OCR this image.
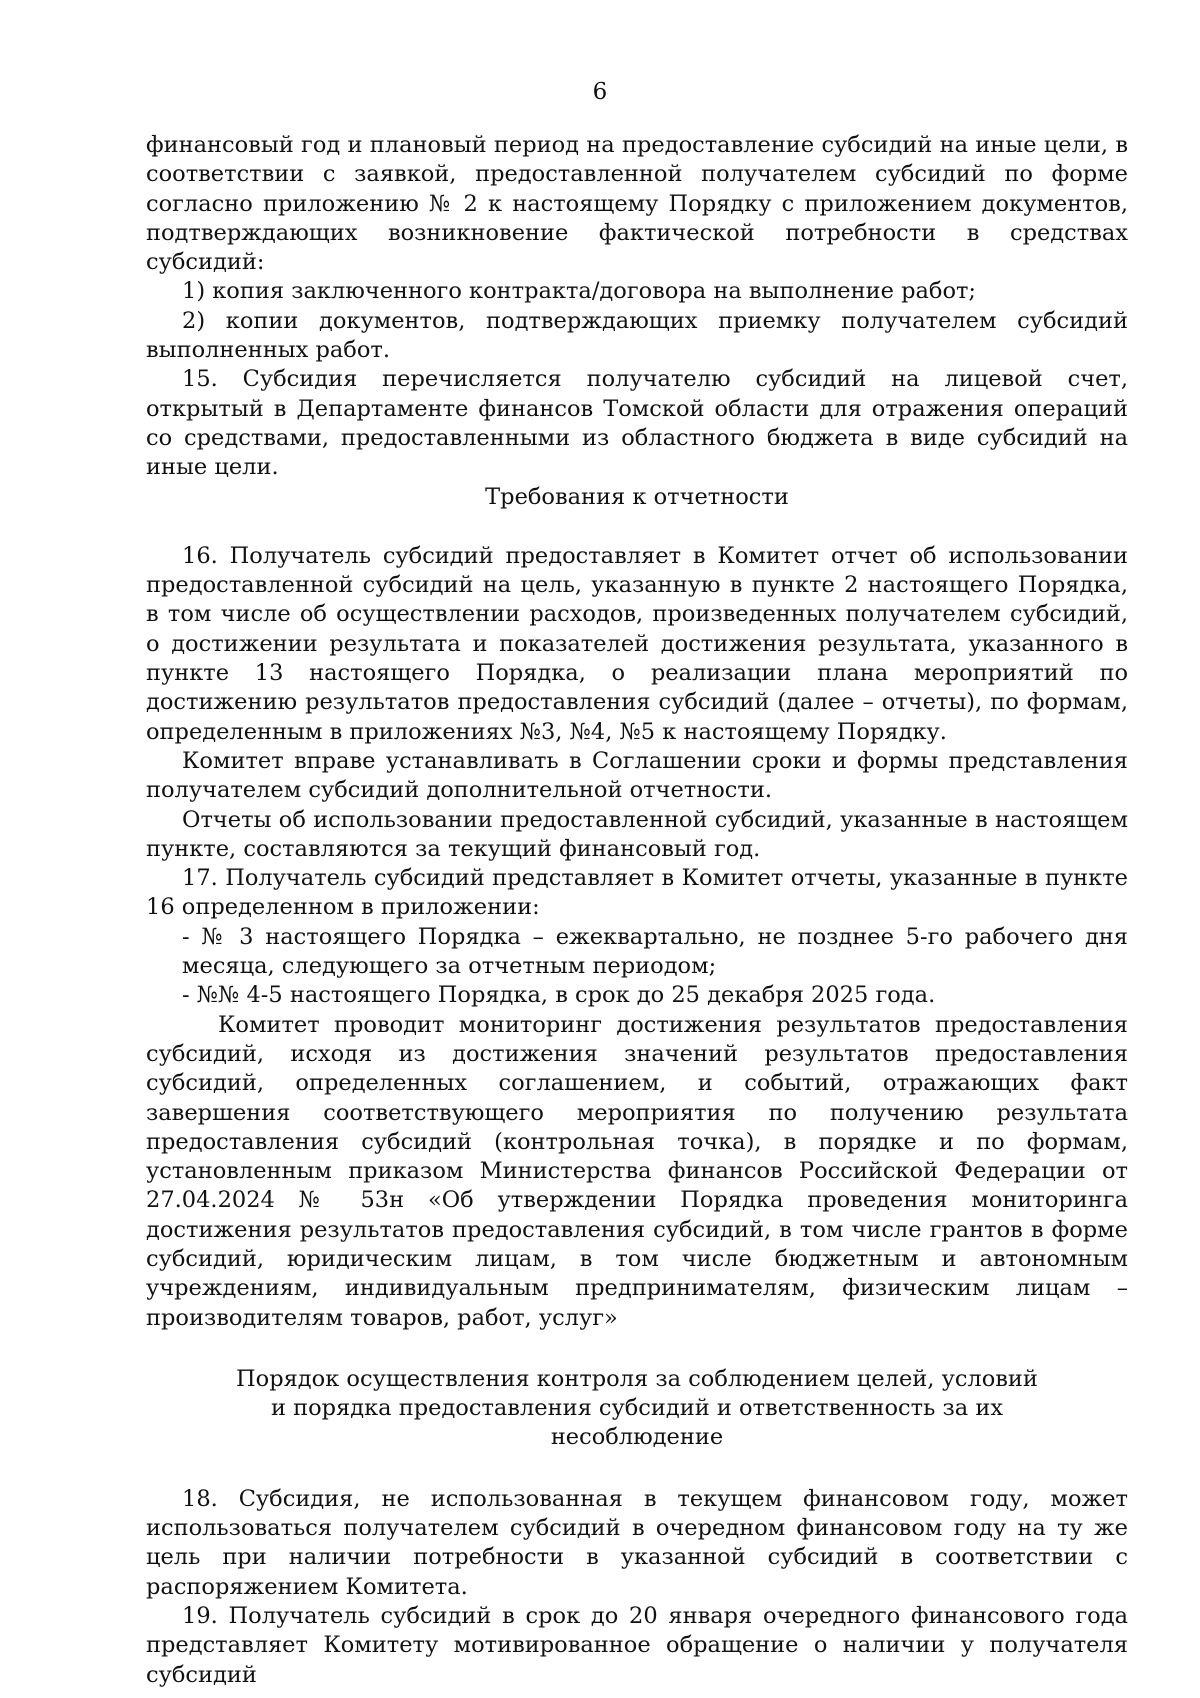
6

финансовый год и плановый период на предоставление субсидий на иные цели, в соответствии с заявкой, предоставленной получателем субсидий по форме согласно приложению № 2 к настоящему Порядку с приложением документов, подтверждающих возникновение фактической потребности в средствах субсидий:

1) копия заключенного контракта/договора на выполнение работ;

2) копии документов, подтверждающих приемку получателем субсидий выполненных работ.

15. Субсидия перечисляется получателю субсидий на лицевой счет, открытый в Департаменте финансов Томской области для отражения операций со средствами, предоставленными из областного бюджета в виде субсидий на иные цели.

Требования к отчетности

16. Получатель субсидий предоставляет в Комитет отчет об использовании предоставленной субсидий на цель, указанную в пункте 2 настоящего Порядка, в том числе об осуществлении расходов, произведенных получателем субсидий, о достижении результата и показателей достижения результата, указанного в пункте 13 настоящего Порядка, о реализации плана мероприятий по достижению результатов предоставления субсидий (далее – отчеты), по формам, определенным в приложениях №3, №4, №5 к настоящему Порядку.

Комитет вправе устанавливать в Соглашении сроки и формы представления получателем субсидий дополнительной отчетности.

Отчеты об использовании предоставленной субсидий, указанные в настоящем пункте, составляются за текущий финансовый год.

17. Получатель субсидий представляет в Комитет отчеты, указанные в пункте 16 определенном в приложении:

- № 3 настоящего Порядка – ежеквартально, не позднее 5-го рабочего дня месяца, следующего за отчетным периодом;

- №№ 4-5 настоящего Порядка, в срок до 25 декабря 2025 года.

Комитет проводит мониторинг достижения результатов предоставления субсидий, исходя из достижения значений результатов предоставления субсидий, определенных соглашением, и событий, отражающих факт завершения соответствующего мероприятия по получению результата предоставления субсидий (контрольная точка), в порядке и по формам, установленным приказом Министерства финансов Российской Федерации от 27.04.2024 № 53н «Об утверждении Порядка проведения мониторинга достижения результатов предоставления субсидий, в том числе грантов в форме субсидий, юридическим лицам, в том числе бюджетным и автономным учреждениям, индивидуальным предпринимателям, физическим лицам – производителям товаров, работ, услуг»

Порядок осуществления контроля за соблюдением целей, условий и порядка предоставления субсидий и ответственность за их несоблюдение

18. Субсидия, не использованная в текущем финансовом году, может использоваться получателем субсидий в очередном финансовом году на ту же цель при наличии потребности в указанной субсидий в соответствии с распоряжением Комитета.

19. Получатель субсидий в срок до 20 января очередного финансового года представляет Комитету мотивированное обращение о наличии у получателя субсидий
